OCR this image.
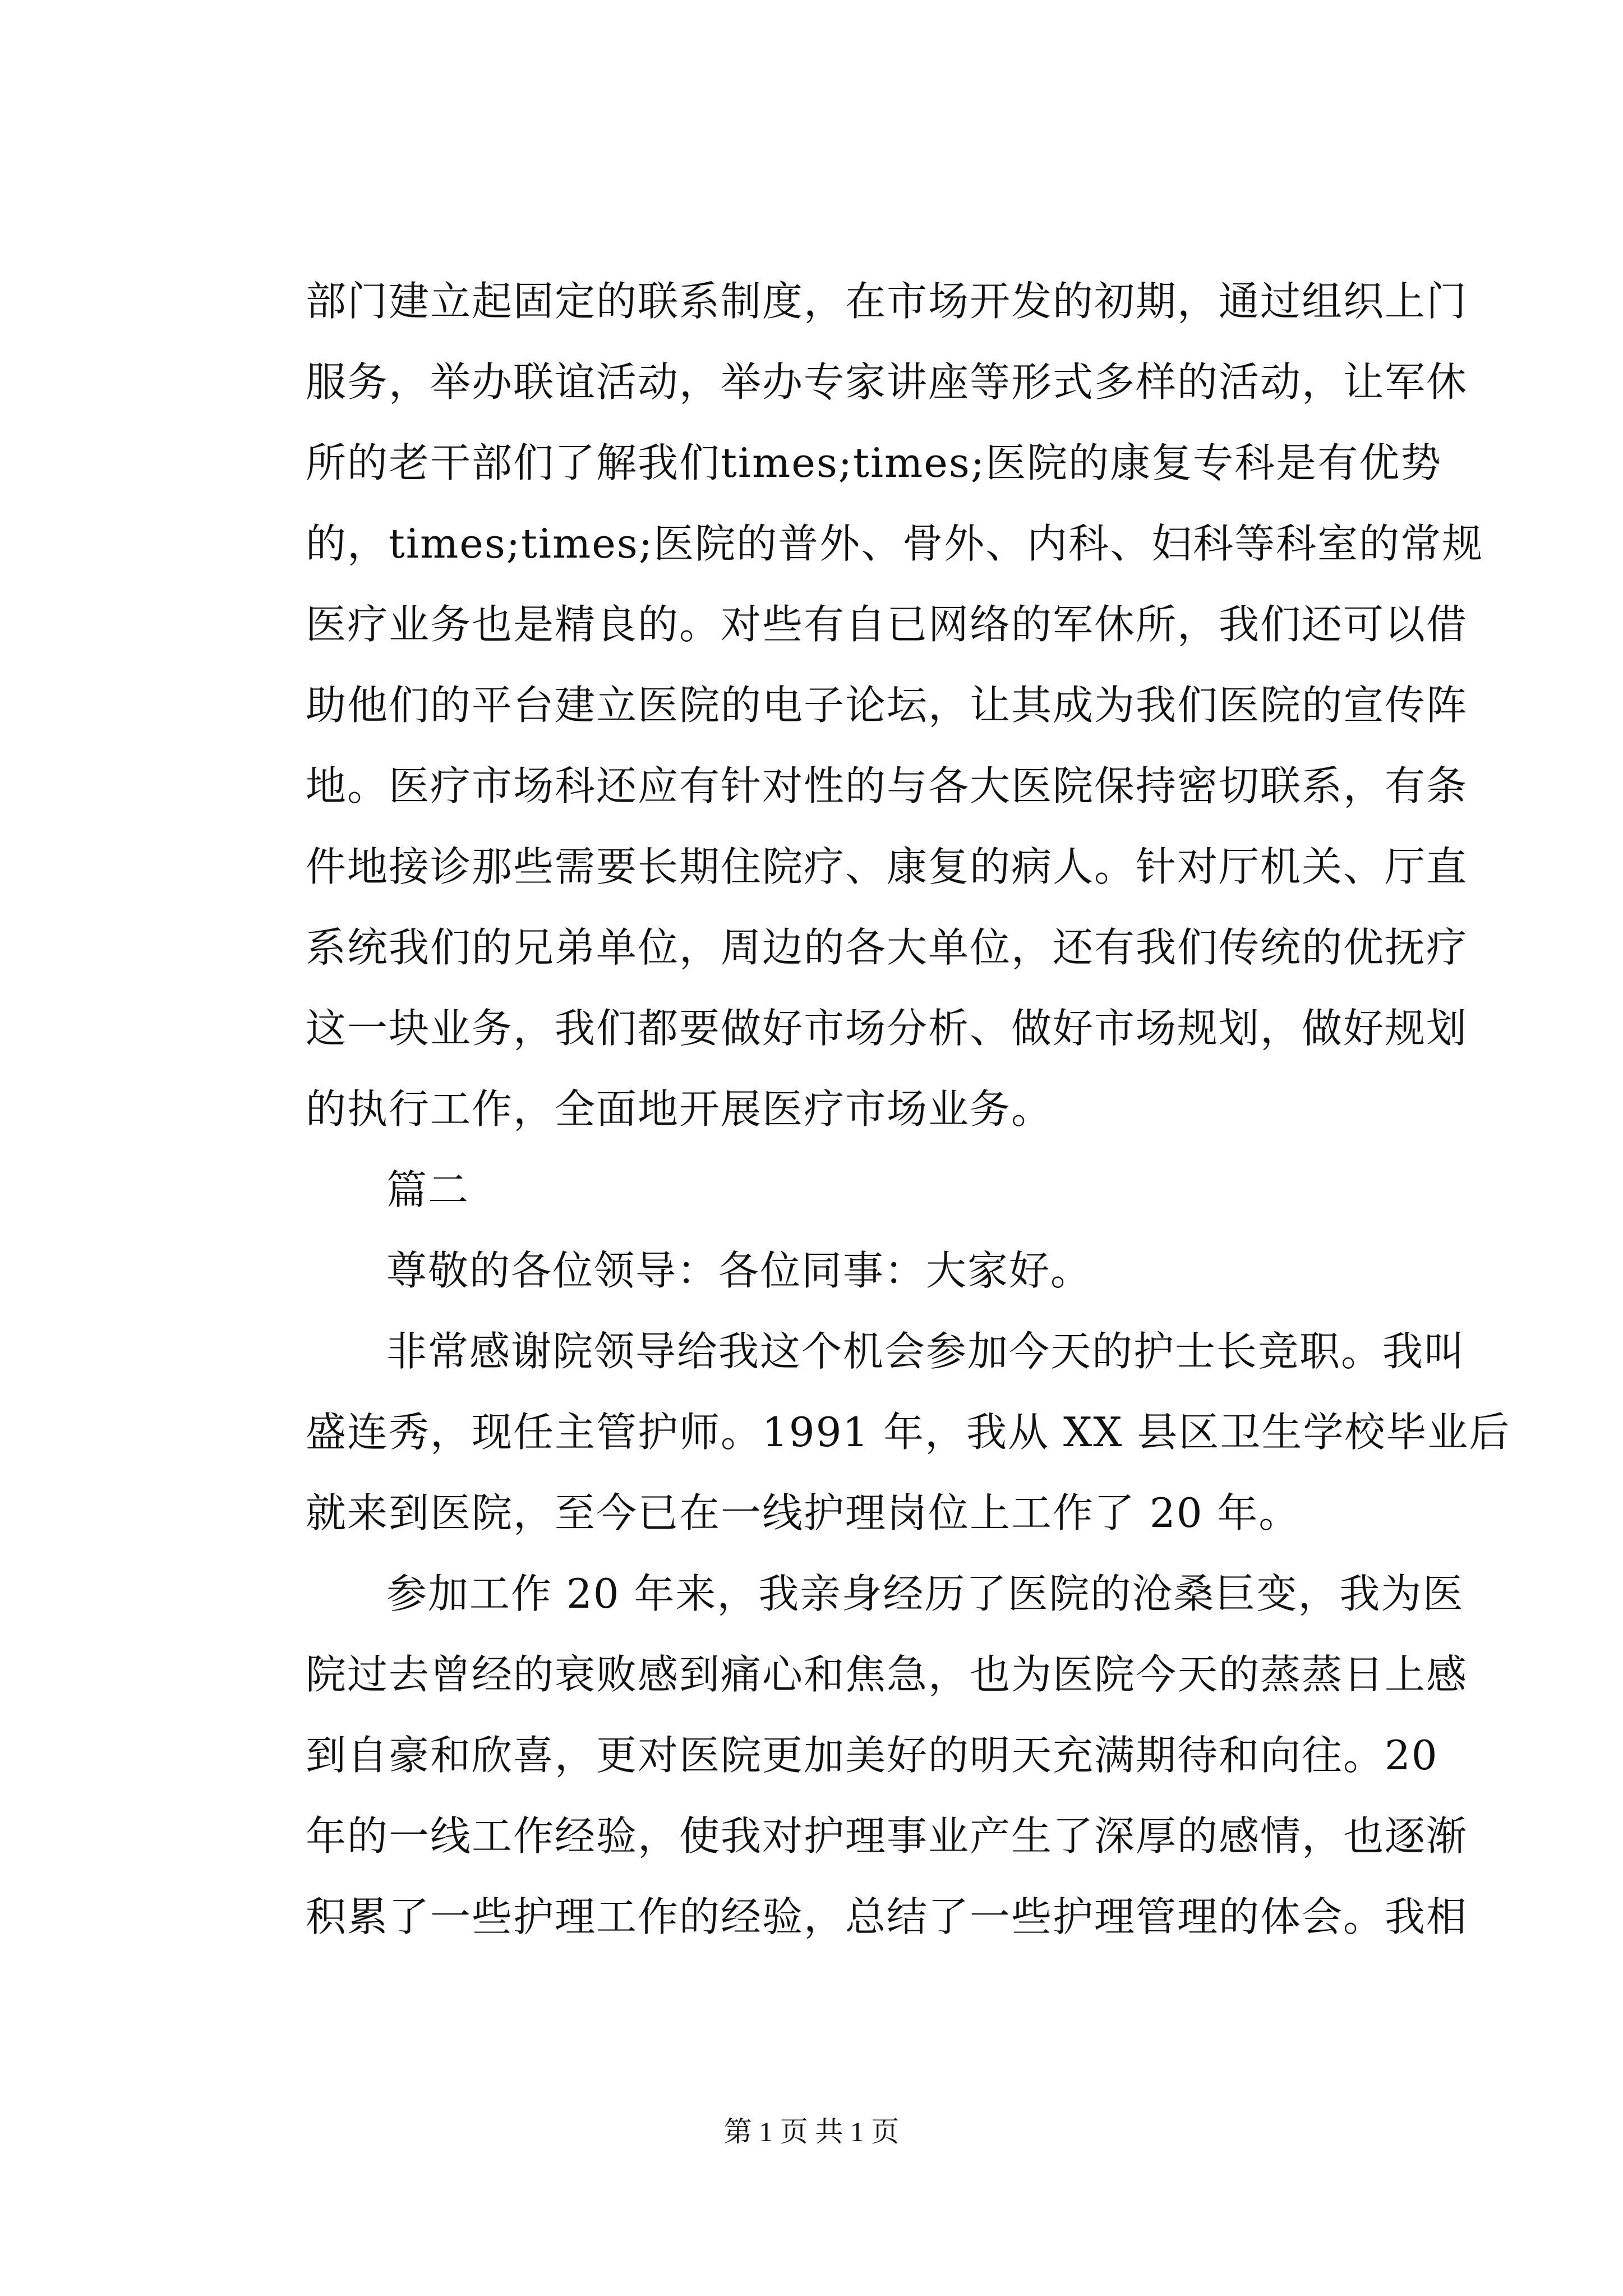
部门建立起固定的联系制度，在市场开发的初期，通过组织上门
服务，举办联谊活动，举办专家讲座等形式多样的活动，让军休
所的老干部们了解我们times;times;医院的康复专科是有优势
的，times;times;医院的普外、骨外、内科、妇科等科室的常规
医疗业务也是精良的。对些有自已网络的军休所，我们还可以借
助他们的平台建立医院的电子论坛，让其成为我们医院的宣传阵
地。医疗市场科还应有针对性的与各大医院保持密切联系，有条
件地接诊那些需要长期住院疗、康复的病人。针对厅机关、厅直
系统我们的兄弟单位，周边的各大单位，还有我们传统的优抚疗
这一块业务，我们都要做好市场分析、做好市场规划，做好规划
的执行工作，全面地开展医疗市场业务。
篇二
尊敬的各位领导：各位同事：大家好。
非常感谢院领导给我这个机会参加今天的护士长竞职。我叫
盛连秀，现任主管护师。1991 年，我从 XX 县区卫生学校毕业后
就来到医院，至今已在一线护理岗位上工作了 20 年。
参加工作 20 年来，我亲身经历了医院的沧桑巨变，我为医
院过去曾经的衰败感到痛心和焦急，也为医院今天的蒸蒸日上感
到自豪和欣喜，更对医院更加美好的明天充满期待和向往。20
年的一线工作经验，使我对护理事业产生了深厚的感情，也逐渐
积累了一些护理工作的经验，总结了一些护理管理的体会。我相
第 1 页 共 1 页
